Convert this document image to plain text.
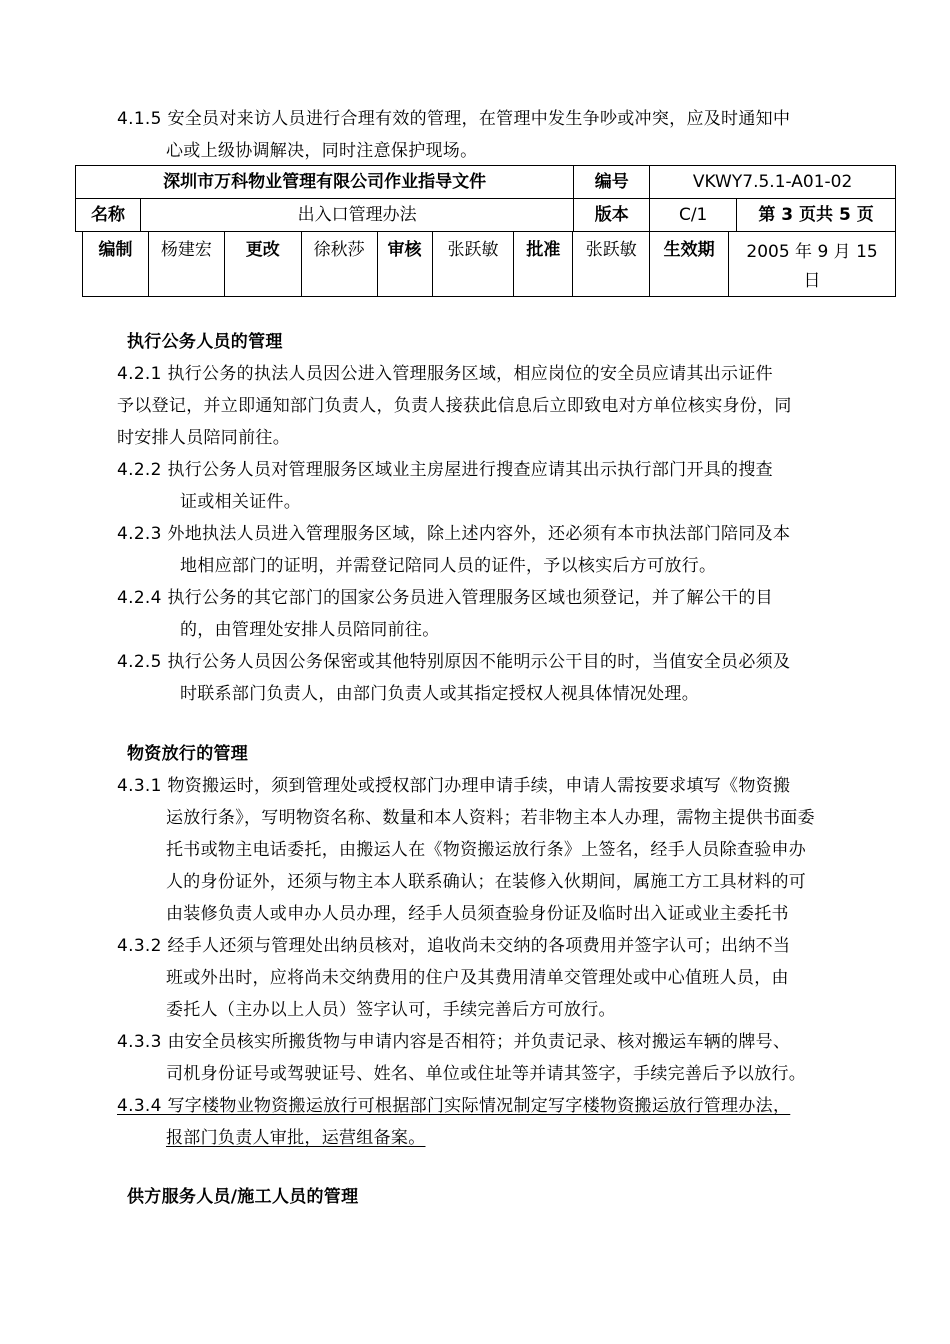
4.1.5 安全员对来访人员进行合理有效的管理，在管理中发生争吵或冲突，应及时通知中
心或上级协调解决，同时注意保护现场。
深圳市万科物业管理有限公司作业指导文件		编号	VKWY7.5.1-A01-02	
名称	出入口管理办法	版本	C/1	第 3 页共 5 页
编制	杨建宏	更改	徐秋莎	审核	张跃敏	批准	张跃敏	生效期	2005 年 9 月 15
日
执行公务人员的管理
4.2.1 执行公务的执法人员因公进入管理服务区域，相应岗位的安全员应请其出示证件
予以登记，并立即通知部门负责人，负责人接获此信息后立即致电对方单位核实身份，同
时安排人员陪同前往。
4.2.2 执行公务人员对管理服务区域业主房屋进行搜查应请其出示执行部门开具的搜查
证或相关证件。
4.2.3 外地执法人员进入管理服务区域，除上述内容外，还必须有本市执法部门陪同及本
地相应部门的证明，并需登记陪同人员的证件，予以核实后方可放行。
4.2.4 执行公务的其它部门的国家公务员进入管理服务区域也须登记，并了解公干的目
的，由管理处安排人员陪同前往。
4.2.5 执行公务人员因公务保密或其他特别原因不能明示公干目的时，当值安全员必须及
时联系部门负责人，由部门负责人或其指定授权人视具体情况处理。
物资放行的管理
4.3.1 物资搬运时，须到管理处或授权部门办理申请手续，申请人需按要求填写《物资搬
运放行条》，写明物资名称、数量和本人资料；若非物主本人办理，需物主提供书面委
托书或物主电话委托，由搬运人在《物资搬运放行条》上签名，经手人员除查验申办
人的身份证外，还须与物主本人联系确认；在装修入伙期间，属施工方工具材料的可
由装修负责人或申办人员办理，经手人员须查验身份证及临时出入证或业主委托书
4.3.2 经手人还须与管理处出纳员核对，追收尚未交纳的各项费用并签字认可；出纳不当
班或外出时，应将尚未交纳费用的住户及其费用清单交管理处或中心值班人员，由
委托人（主办以上人员）签字认可，手续完善后方可放行。
4.3.3 由安全员核实所搬货物与申请内容是否相符；并负责记录、核对搬运车辆的牌号、
司机身份证号或驾驶证号、姓名、单位或住址等并请其签字，手续完善后予以放行。
4.3.4 写字楼物业物资搬运放行可根据部门实际情况制定写字楼物资搬运放行管理办法，
报部门负责人审批，运营组备案。
供方服务人员/施工人员的管理
